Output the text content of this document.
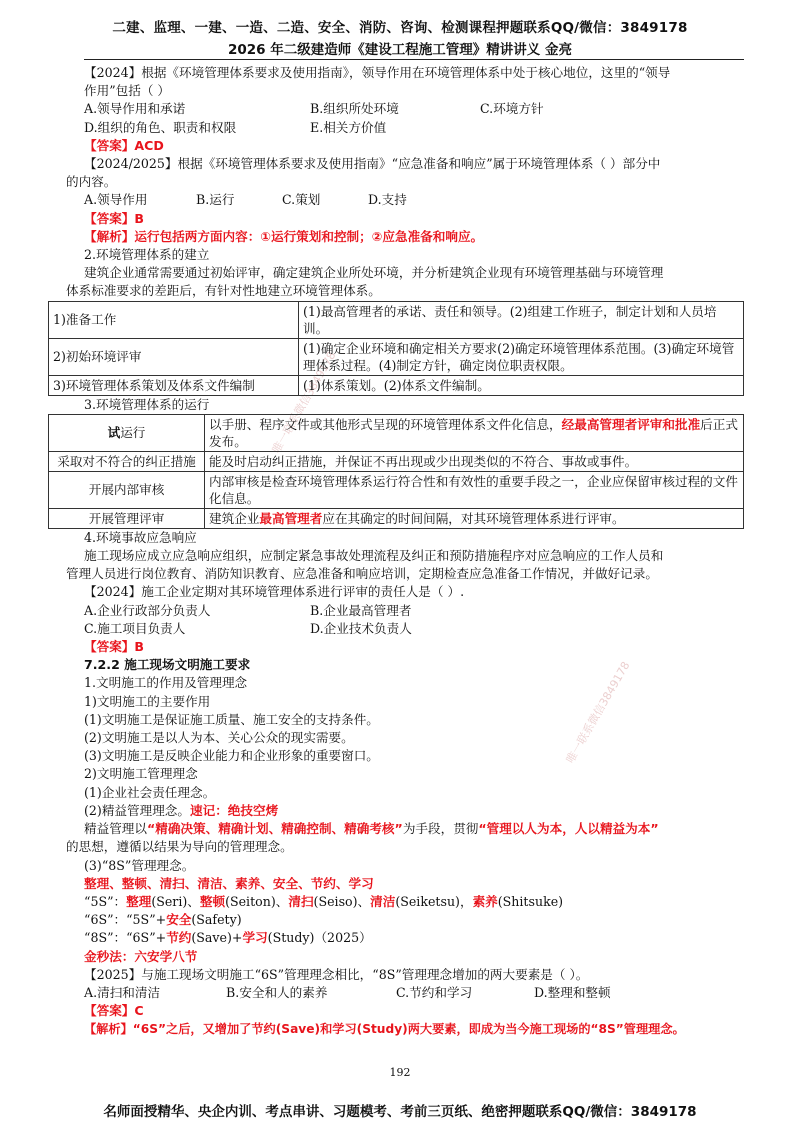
二建、监理、一建、一造、二造、安全、消防、咨询、检测课程押题联系QQ/微信：3849178
2026 年二级建造师《建设工程施工管理》精讲讲义 金亮
唯一联系微信3849178
唯一联系微信3849178
【2024】根据《环境管理体系要求及使用指南》，领导作用在环境管理体系中处于核心地位，这里的“领导
作用”包括（ ）
A.领导作用和承诺	B.组织所处环境	C.环境方针
D.组织的角色、职责和权限	E.相关方价值
【答案】ACD
【2024/2025】根据《环境管理体系要求及使用指南》“应急准备和响应”属于环境管理体系（ ）部分中
的内容。
A.领导作用	B.运行	C.策划	D.支持
【答案】B
【解析】运行包括两方面内容：①运行策划和控制；②应急准备和响应。
2.环境管理体系的建立
建筑企业通常需要通过初始评审，确定建筑企业所处环境，并分析建筑企业现有环境管理基础与环境管理
体系标准要求的差距后，有针对性地建立环境管理体系。
1)准备工作	(1)最高管理者的承诺、责任和领导。(2)组建工作班子，制定计划和人员培训。
2)初始环境评审	(1)确定企业环境和确定相关方要求(2)确定环境管理体系范围。(3)确定环境管理体系过程。(4)制定方针，确定岗位职责权限。
3)环境管理体系策划及体系文件编制	(1)体系策划。(2)体系文件编制。
3.环境管理体系的运行
试运行	以手册、程序文件或其他形式呈现的环境管理体系文件化信息，经最高管理者评审和批准后正式发布。
采取对不符合的纠正措施	能及时启动纠正措施，并保证不再出现或少出现类似的不符合、事故或事件。
开展内部审核	内部审核是检查环境管理体系运行符合性和有效性的重要手段之一，企业应保留审核过程的文件化信息。
开展管理评审	建筑企业最高管理者应在其确定的时间间隔，对其环境管理体系进行评审。
4.环境事故应急响应
施工现场应成立应急响应组织，应制定紧急事故处理流程及纠正和预防措施程序对应急响应的工作人员和
管理人员进行岗位教育、消防知识教育、应急准备和响应培训，定期检查应急准备工作情况，并做好记录。
【2024】施工企业定期对其环境管理体系进行评审的责任人是（ ）.
A.企业行政部分负责人	B.企业最高管理者
C.施工项目负责人	D.企业技术负责人
【答案】B
7.2.2 施工现场文明施工要求
1.文明施工的作用及管理理念
1)文明施工的主要作用
(1)文明施工是保证施工质量、施工安全的支持条件。
(2)文明施工是以人为本、关心公众的现实需要。
(3)文明施工是反映企业能力和企业形象的重要窗口。
2)文明施工管理理念
(1)企业社会责任理念。
(2)精益管理理念。速记：绝技空烤
精益管理以“精确决策、精确计划、精确控制、精确考核”为手段，贯彻“管理以人为本，人以精益为本”
的思想，遵循以结果为导向的管理理念。
(3)“8S”管理理念。
整理、整顿、清扫、清洁、素养、安全、节约、学习
“5S”：整理(Seri)、整顿(Seiton)、清扫(Seiso)、清洁(Seiketsu)，素养(Shitsuke)
“6S”：“5S”+安全(Safety)
“8S”：“6S”+节约(Save)+学习(Study)（2025）
金秒法：六安学八节
【2025】与施工现场文明施工“6S”管理理念相比，“8S”管理理念增加的两大要素是（ ）。
A.清扫和清洁	B.安全和人的素养	C.节约和学习	D.整理和整顿
【答案】C
【解析】“6S”之后，又增加了节约(Save)和学习(Study)两大要素，即成为当今施工现场的“8S”管理理念。
192
名师面授精华、央企内训、考点串讲、习题模考、考前三页纸、绝密押题联系QQ/微信：3849178
